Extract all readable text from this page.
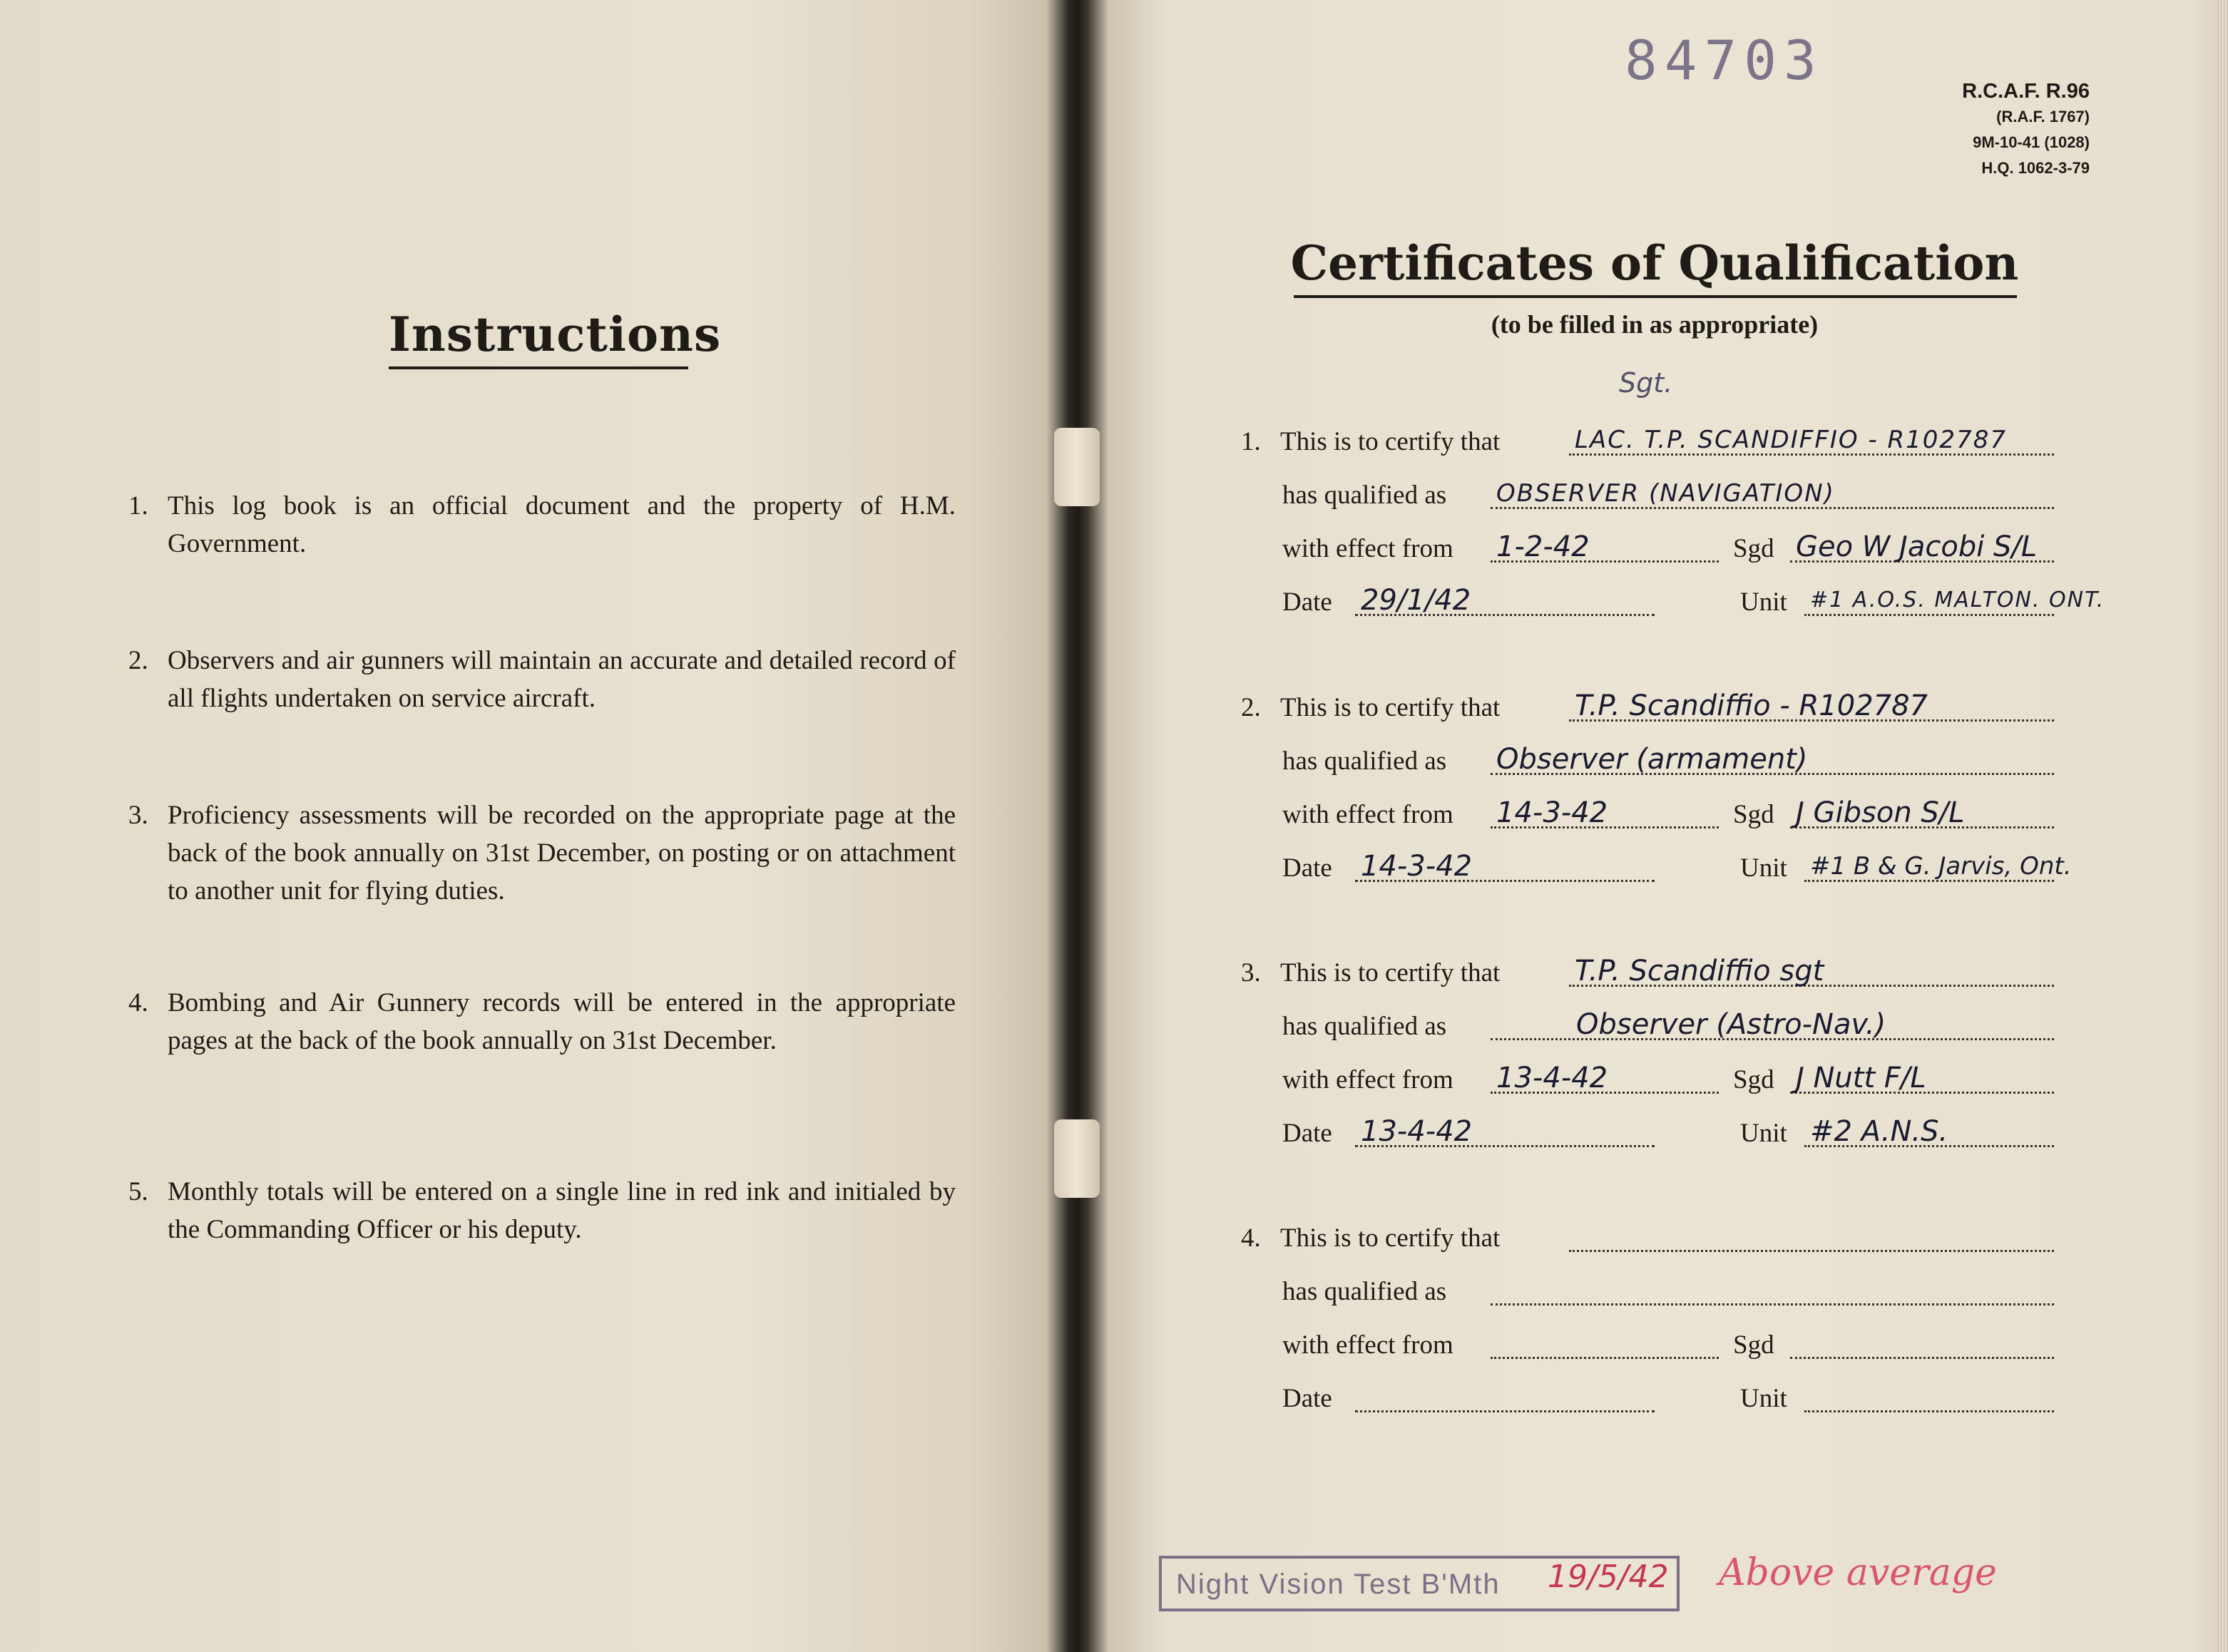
Instructions
1. This log book is an official document and the property of H.M. Government.
2. Observers and air gunners will maintain an accurate and detailed record of all flights undertaken on service aircraft.
3. Proficiency assessments will be recorded on the appropriate page at the back of the book annually on 31st December, on posting or on attachment to another unit for flying duties.
4. Bombing and Air Gunnery records will be entered in the appropriate pages at the back of the book annually on 31st December.
5. Monthly totals will be entered on a single line in red ink and initialed by the Commanding Officer or his deputy.
84703	R.C.A.F. R.96
(R.A.F. 1767)
9M-10-41 (1028)
H.Q. 1062-3-79
Certificates of Qualification
(to be filled in as appropriate)
Sgt.
1. This is to certify that	LAC. T.P. SCANDIFFIO - R102787
has qualified as OBSERVER (NAVIGATION)
with effect from 1-2-42	Sgd Geo W Jacobi S/L
Date 29/1/42	Unit #1 A.O.S. MALTON. ONT.
2. This is to certify that	T.P. Scandiffio - R102787
has qualified as Observer (armament)
with effect from 14-3-42	Sgd J Gibson S/L
Date 14-3-42	Unit #1 B & G. Jarvis, Ont.
3. This is to certify that	T.P. Scandiffio sgt
has qualified as	Observer (Astro-Nav.)
with effect from 13-4-42	Sgd J Nutt F/L
Date 13-4-42	Unit #2 A.N.S.
4. This is to certify that
has qualified as
with effect from	Sgd
Date	Unit
Night Vision Test B'Mth 19/5/42 Above average
